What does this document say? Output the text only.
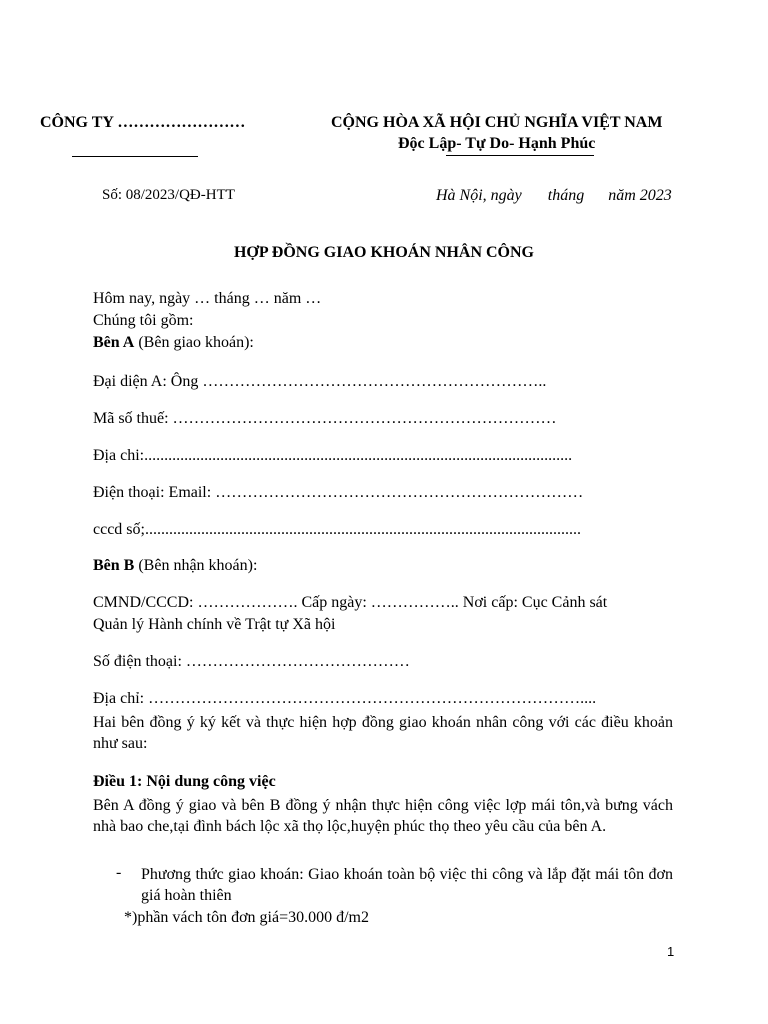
CÔNG TY ……………………	CỘNG HÒA XÃ HỘI CHỦ NGHĨA VIỆT NAM
Độc Lập- Tự Do- Hạnh Phúc
Số: 08/2023/QĐ-HTT	Hà Nội, ngày tháng năm 2023
HỢP ĐỒNG GIAO KHOÁN NHÂN CÔNG
Hôm nay, ngày … tháng … năm …
Chúng tôi gồm:
Bên A (Bên giao khoán):
Đại diện A: Ông ………………………………………………………..
Mã số thuế: ………………………………………………………………
Địa chi:...........................................................................................................
Điện thoại: Email: ……………………………………………………………
cccd số;.............................................................................................................
Bên B (Bên nhận khoán):
CMND/CCCD: ………………. Cấp ngày: …………….. Nơi cấp: Cục Cảnh sát
Quản lý Hành chính về Trật tự Xã hội
Số điện thoại: ……………………………………
Địa chỉ: ………………………………………………………………………....
Hai bên đồng ý ký kết và thực hiện hợp đồng giao khoán nhân công với các điều khoản như sau:
Điều 1: Nội dung công việc
Bên A đồng ý giao và bên B đồng ý nhận thực hiện công việc lợp mái tôn,và bưng vách nhà bao che,tại đình bách lộc xã thọ lộc,huyện phúc thọ theo yêu cầu của bên A.
- Phương thức giao khoán: Giao khoán toàn bộ việc thi công và lắp đặt mái tôn đơn giá hoàn thiên
*)phần vách tôn đơn giá=30.000 đ/m2
1
